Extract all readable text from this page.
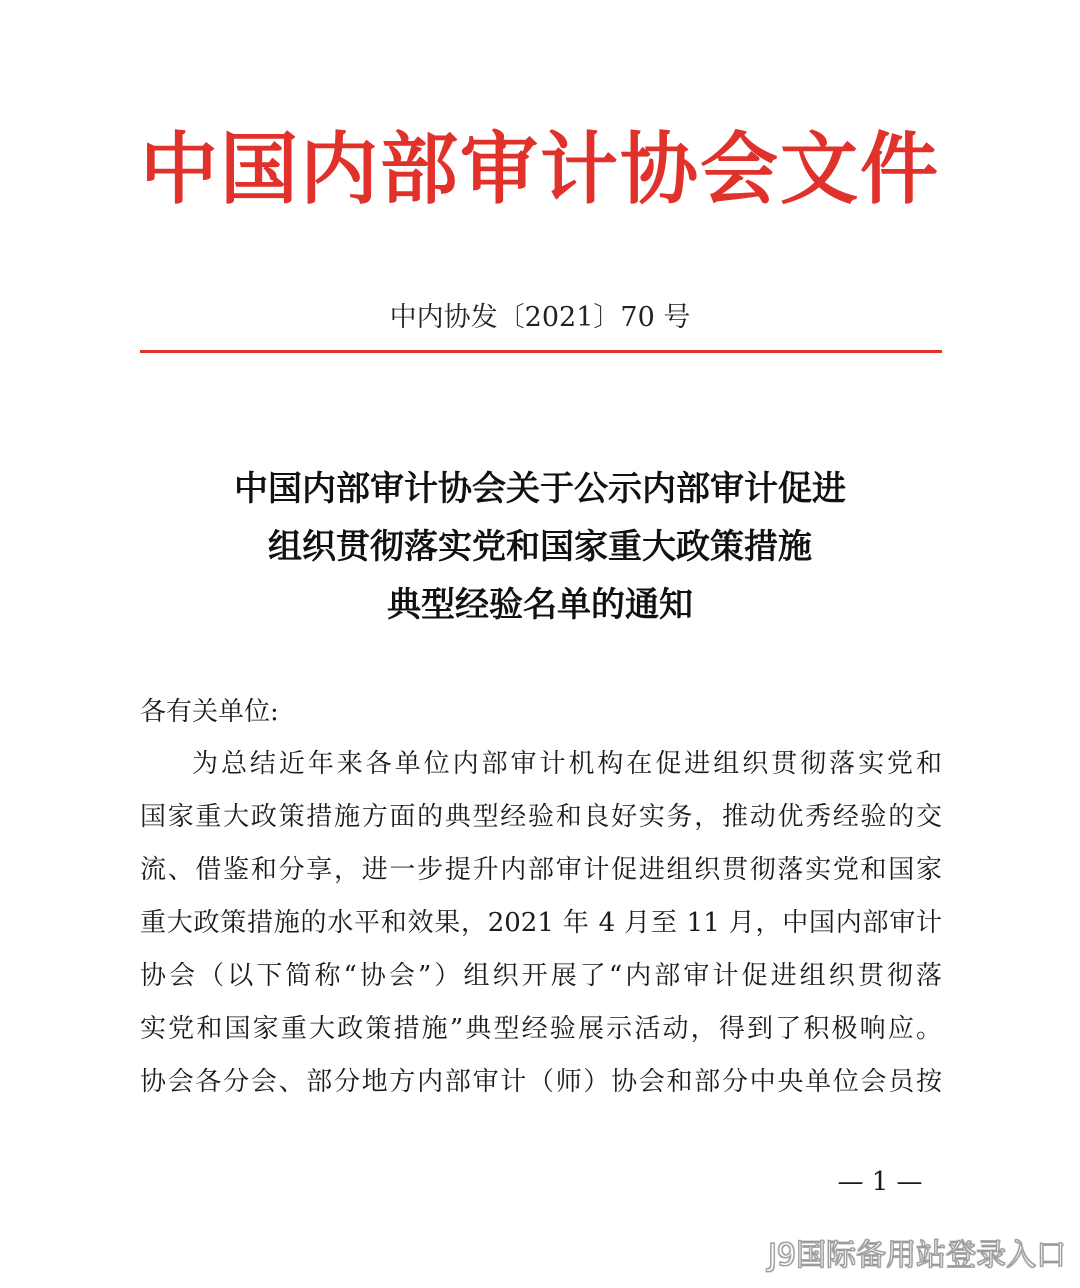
中国内部审计协会文件
中内协发〔2021〕70 号
中国内部审计协会关于公示内部审计促进
组织贯彻落实党和国家重大政策措施
典型经验名单的通知
各有关单位:
为总结近年来各单位内部审计机构在促进组织贯彻落实党和
国家重大政策措施方面的典型经验和良好实务，推动优秀经验的交
流、借鉴和分享，进一步提升内部审计促进组织贯彻落实党和国家
重大政策措施的水平和效果，2021 年 4 月至 11 月，中国内部审计
协会（以下简称“协会”）组织开展了“内部审计促进组织贯彻落
实党和国家重大政策措施”典型经验展示活动，得到了积极响应。
协会各分会、部分地方内部审计（师）协会和部分中央单位会员按
— 1 —
J9国际备用站登录入口
